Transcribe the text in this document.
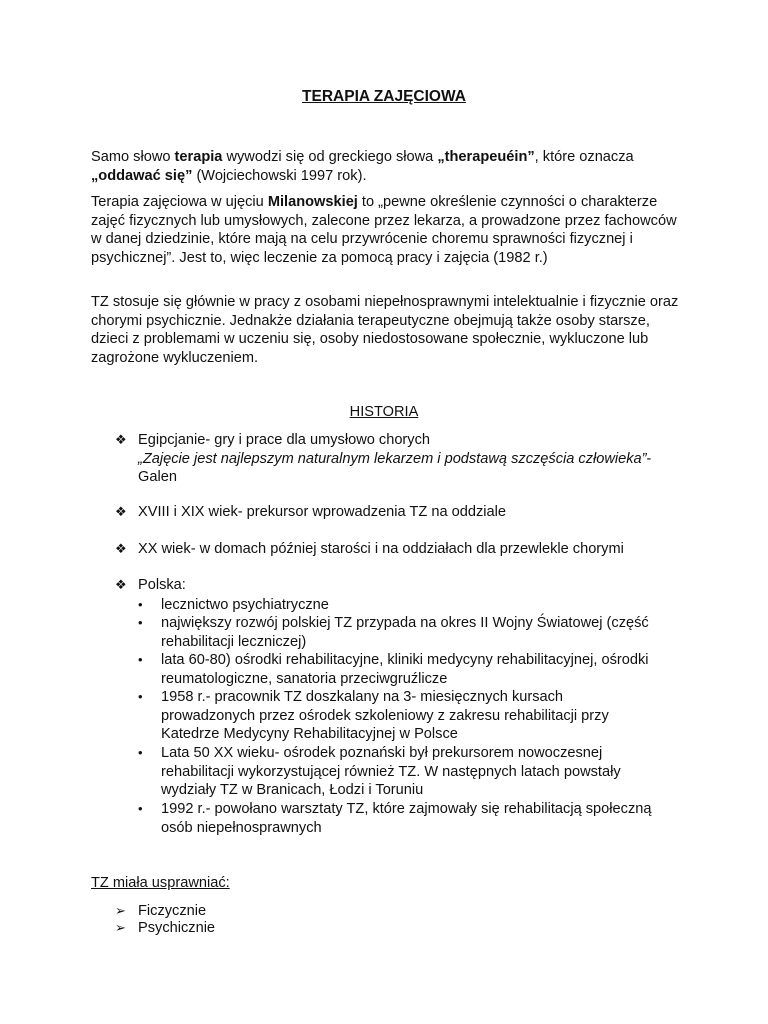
TERAPIA ZAJĘCIOWA

Samo słowo terapia wywodzi się od greckiego słowa „therapeuéin”, które oznacza „oddawać się” (Wojciechowski 1997 rok).

Terapia zajęciowa w ujęciu Milanowskiej to „pewne określenie czynności o charakterze zajęć fizycznych lub umysłowych, zalecone przez lekarza, a prowadzone przez fachowców w danej dziedzinie, które mają na celu przywrócenie choremu sprawności fizycznej i psychicznej”. Jest to, więc leczenie za pomocą pracy i zajęcia (1982 r.)

TZ stosuje się głównie w pracy z osobami niepełnosprawnymi intelektualnie i fizycznie oraz chorymi psychicznie. Jednakże działania terapeutyczne obejmują także osoby starsze, dzieci z problemami w uczeniu się, osoby niedostosowane społecznie, wykluczone lub zagrożone wykluczeniem.

HISTORIA
❖ Egipcjanie- gry i prace dla umysłowo chorych
„Zajęcie jest najlepszym naturalnym lekarzem i podstawą szczęścia człowieka”- Galen
❖ XVIII i XIX wiek- prekursor wprowadzenia TZ na oddziale
❖ XX wiek- w domach później starości i na oddziałach dla przewlekle chorymi
❖ Polska:
• lecznictwo psychiatryczne
• największy rozwój polskiej TZ przypada na okres II Wojny Światowej (część rehabilitacji leczniczej)
• lata 60-80) ośrodki rehabilitacyjne, kliniki medycyny rehabilitacyjnej, ośrodki reumatologiczne, sanatoria przeciwgruźlicze
• 1958 r.- pracownik TZ doszkalany na 3- miesięcznych kursach prowadzonych przez ośrodek szkoleniowy z zakresu rehabilitacji przy Katedrze Medycyny Rehabilitacyjnej w Polsce
• Lata 50 XX wieku- ośrodek poznański był prekursorem nowoczesnej rehabilitacji wykorzystującej również TZ. W następnych latach powstały wydziały TZ w Branicach, Łodzi i Toruniu
• 1992 r.- powołano warsztaty TZ, które zajmowały się rehabilitacją społeczną osób niepełnosprawnych
TZ miała usprawniać:
➢ Ficzycznie
➢ Psychicznie
